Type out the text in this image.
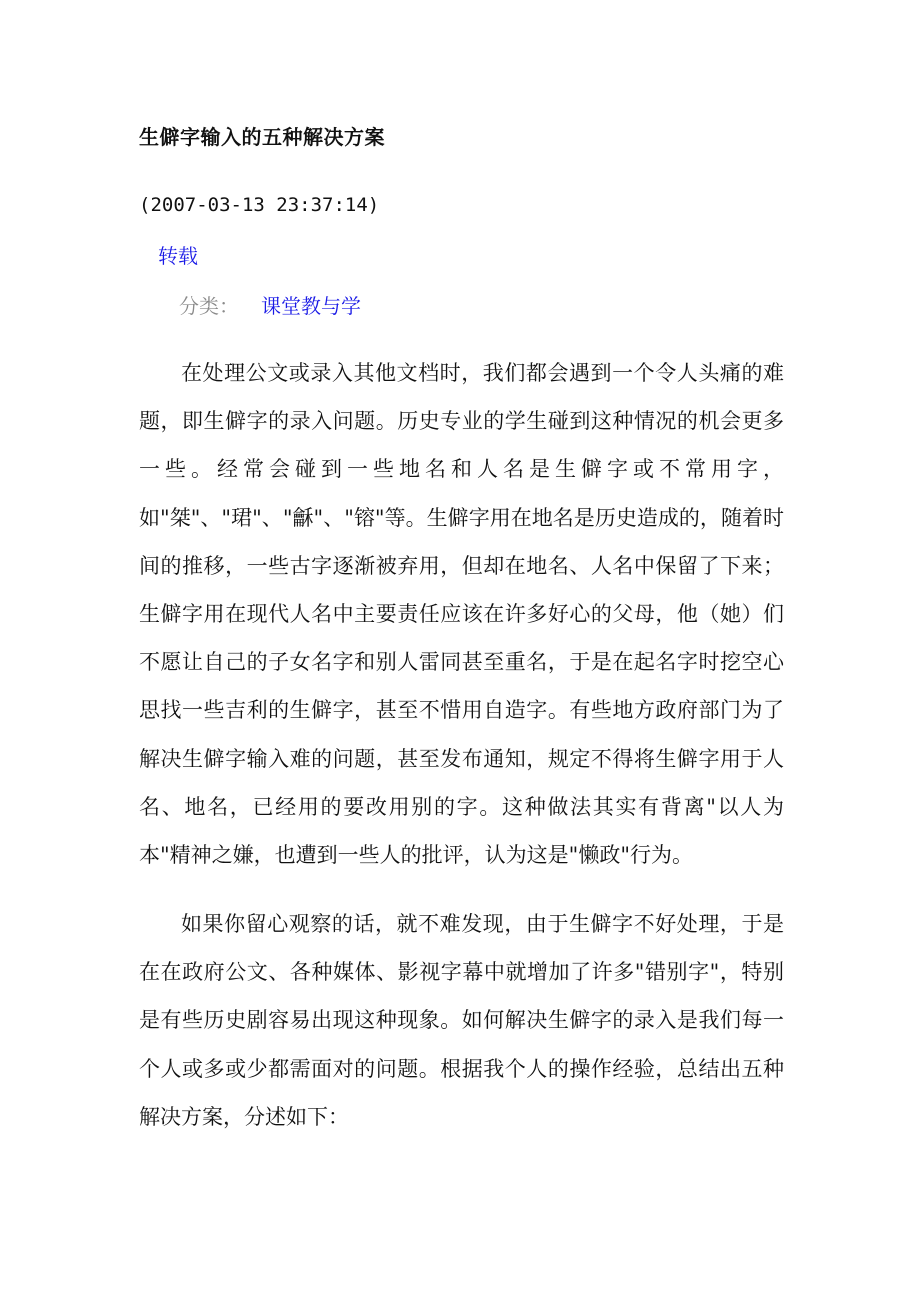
生僻字输入的五种解决方案
(2007-03-13 23:37:14)
转载
分类： 课堂教与学

在处理公文或录入其他文档时，我们都会遇到一个令人头痛的难题，即生僻字的录入问题。历史专业的学生碰到这种情况的机会更多一些。经常会碰到一些地名和人名是生僻字或不常用字，如"桀"、"珺"、"龢"、"镕"等。生僻字用在地名是历史造成的，随着时间的推移，一些古字逐渐被弃用，但却在地名、人名中保留了下来；生僻字用在现代人名中主要责任应该在许多好心的父母，他（她）们不愿让自己的子女名字和别人雷同甚至重名，于是在起名字时挖空心思找一些吉利的生僻字，甚至不惜用自造字。有些地方政府部门为了解决生僻字输入难的问题，甚至发布通知，规定不得将生僻字用于人名、地名，已经用的要改用别的字。这种做法其实有背离"以人为本"精神之嫌，也遭到一些人的批评，认为这是"懒政"行为。

如果你留心观察的话，就不难发现，由于生僻字不好处理，于是在在政府公文、各种媒体、影视字幕中就增加了许多"错别字"，特别是有些历史剧容易出现这种现象。如何解决生僻字的录入是我们每一个人或多或少都需面对的问题。根据我个人的操作经验，总结出五种解决方案，分述如下：
